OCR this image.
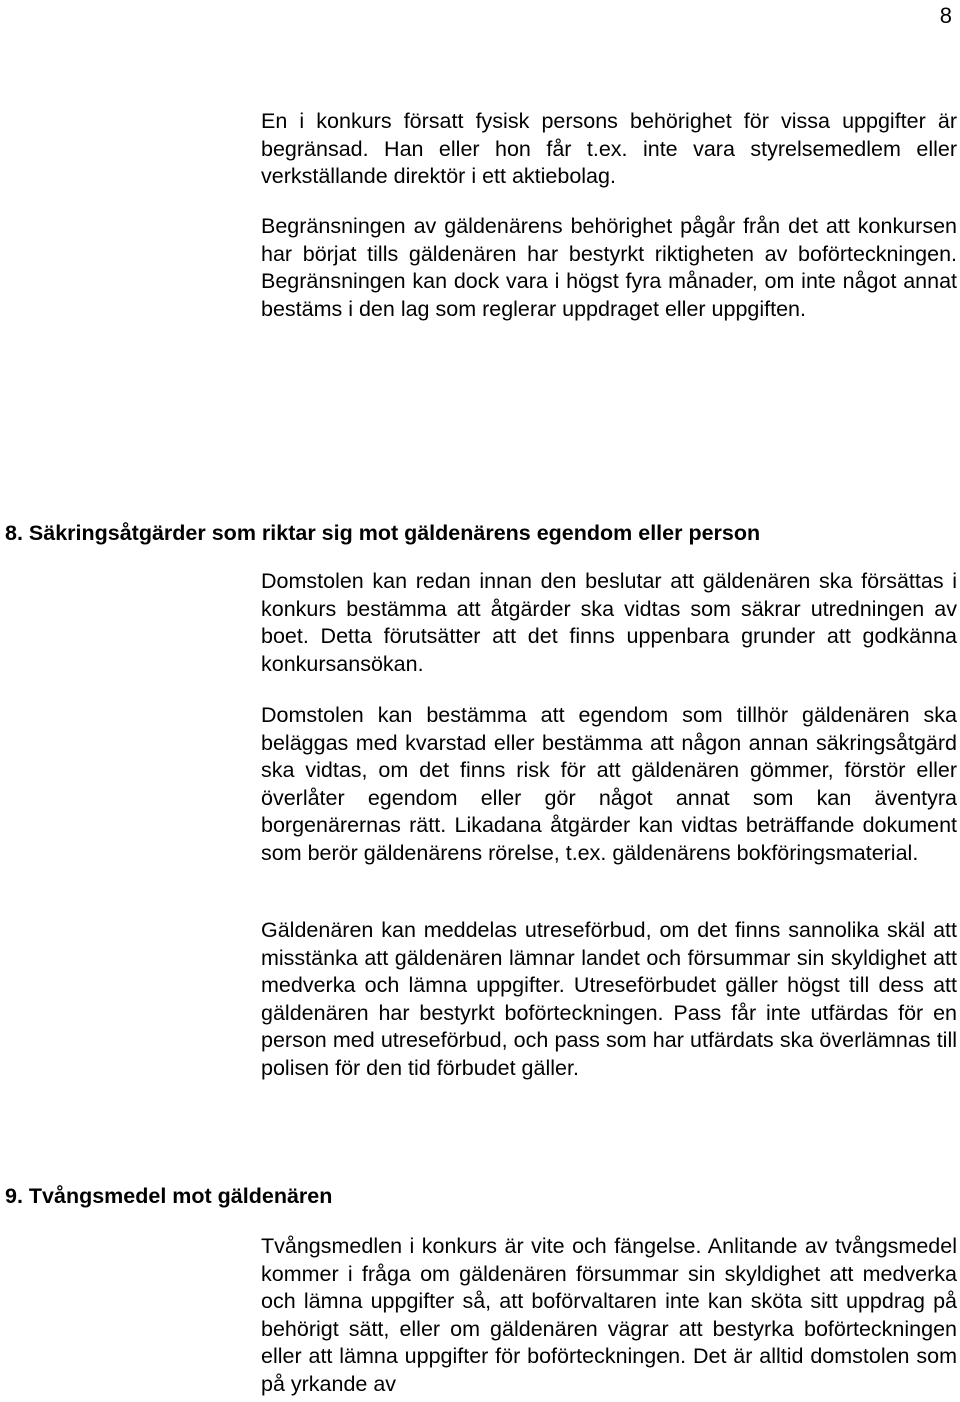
8

En i konkurs försatt fysisk persons behörighet för vissa uppgifter är begränsad. Han eller hon får t.ex. inte vara styrelsemedlem eller verkställande direktör i ett aktiebolag.

Begränsningen av gäldenärens behörighet pågår från det att konkursen har börjat tills gäldenären har bestyrkt riktigheten av boförteckningen. Begränsningen kan dock vara i högst fyra månader, om inte något annat bestäms i den lag som reglerar uppdraget eller uppgiften.

8. Säkringsåtgärder som riktar sig mot gäldenärens egendom eller person

Domstolen kan redan innan den beslutar att gäldenären ska försättas i konkurs bestämma att åtgärder ska vidtas som säkrar utredningen av boet. Detta förutsätter att det finns uppenbara grunder att godkänna konkursansökan.

Domstolen kan bestämma att egendom som tillhör gäldenären ska beläggas med kvarstad eller bestämma att någon annan säkringsåtgärd ska vidtas, om det finns risk för att gäldenären gömmer, förstör eller överlåter egendom eller gör något annat som kan äventyra borgenärernas rätt. Likadana åtgärder kan vidtas beträffande dokument som berör gäldenärens rörelse, t.ex. gäldenärens bokföringsmaterial.

Gäldenären kan meddelas utreseförbud, om det finns sannolika skäl att misstänka att gäldenären lämnar landet och försummar sin skyldighet att medverka och lämna uppgifter. Utreseförbudet gäller högst till dess att gäldenären har bestyrkt boförteckningen. Pass får inte utfärdas för en person med utreseförbud, och pass som har utfärdats ska överlämnas till polisen för den tid förbudet gäller.

9. Tvångsmedel mot gäldenären

Tvångsmedlen i konkurs är vite och fängelse. Anlitande av tvångsmedel kommer i fråga om gäldenären försummar sin skyldighet att medverka och lämna uppgifter så, att boförvaltaren inte kan sköta sitt uppdrag på behörigt sätt, eller om gäldenären vägrar att bestyrka boförteckningen eller att lämna uppgifter för boförteckningen. Det är alltid domstolen som på yrkande av
